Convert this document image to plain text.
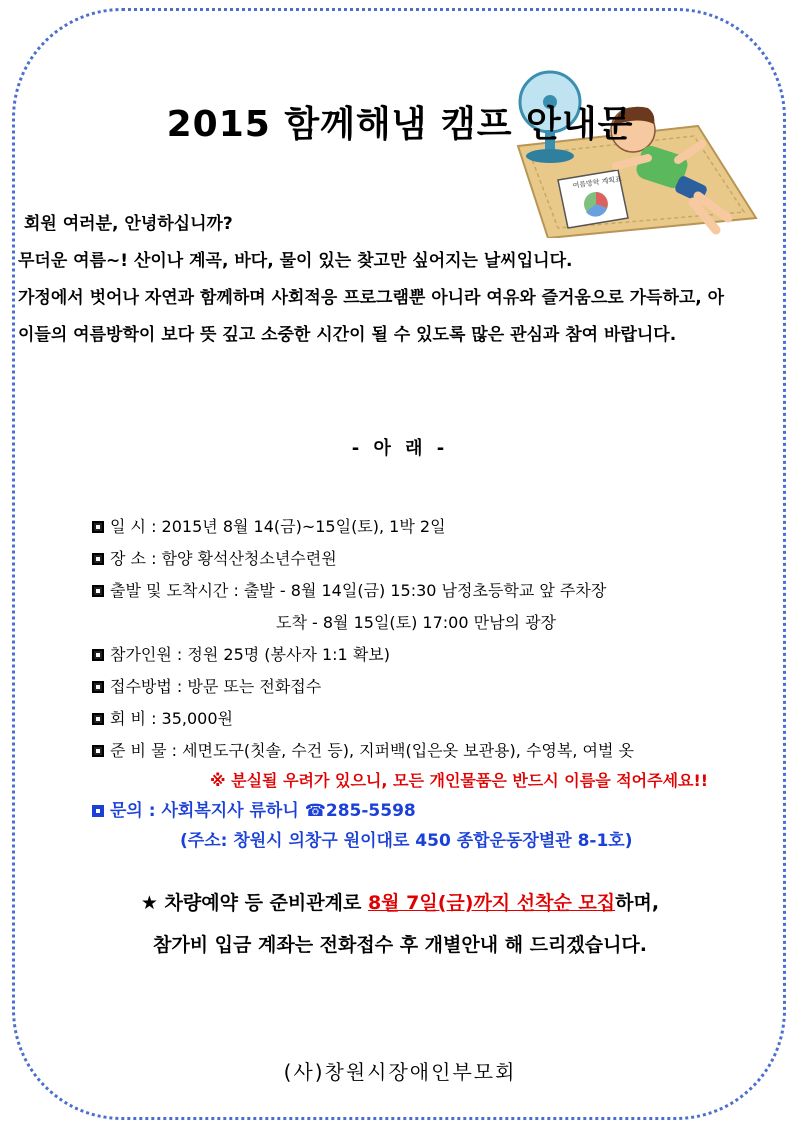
여름방학 계획표
2015 함께해냄 캠프 안내문

회원 여러분, 안녕하십니까?

무더운 여름~! 산이나 계곡, 바다, 물이 있는 찾고만 싶어지는 날씨입니다.

가정에서 벗어나 자연과 함께하며 사회적응 프로그램뿐 아니라 여유와 즐거움으로 가득하고, 아

이들의 여름방학이 보다 뜻 깊고 소중한 시간이 될 수 있도록 많은 관심과 참여 바랍니다.

- 아 래 -
일 시 : 2015년 8월 14(금)~15일(토), 1박 2일
장 소 : 함양 황석산청소년수련원
출발 및 도착시간 : 출발 - 8월 14일(금) 15:30 남정초등학교 앞 주차장
도착 - 8월 15일(토) 17:00 만남의 광장
참가인원 : 정원 25명 (봉사자 1:1 확보)
접수방법 : 방문 또는 전화접수
회 비 : 35,000원
준 비 물 : 세면도구(칫솔, 수건 등), 지퍼백(입은옷 보관용), 수영복, 여벌 옷
※ 분실될 우려가 있으니, 모든 개인물품은 반드시 이름을 적어주세요!!
문의 : 사회복지사 류하니 ☎285-5598
(주소: 창원시 의창구 원이대로 450 종합운동장별관 8-1호)
★ 차량예약 등 준비관계로 8월 7일(금)까지 선착순 모집하며,
참가비 입금 계좌는 전화접수 후 개별안내 해 드리겠습니다.
(사)창원시장애인부모회
